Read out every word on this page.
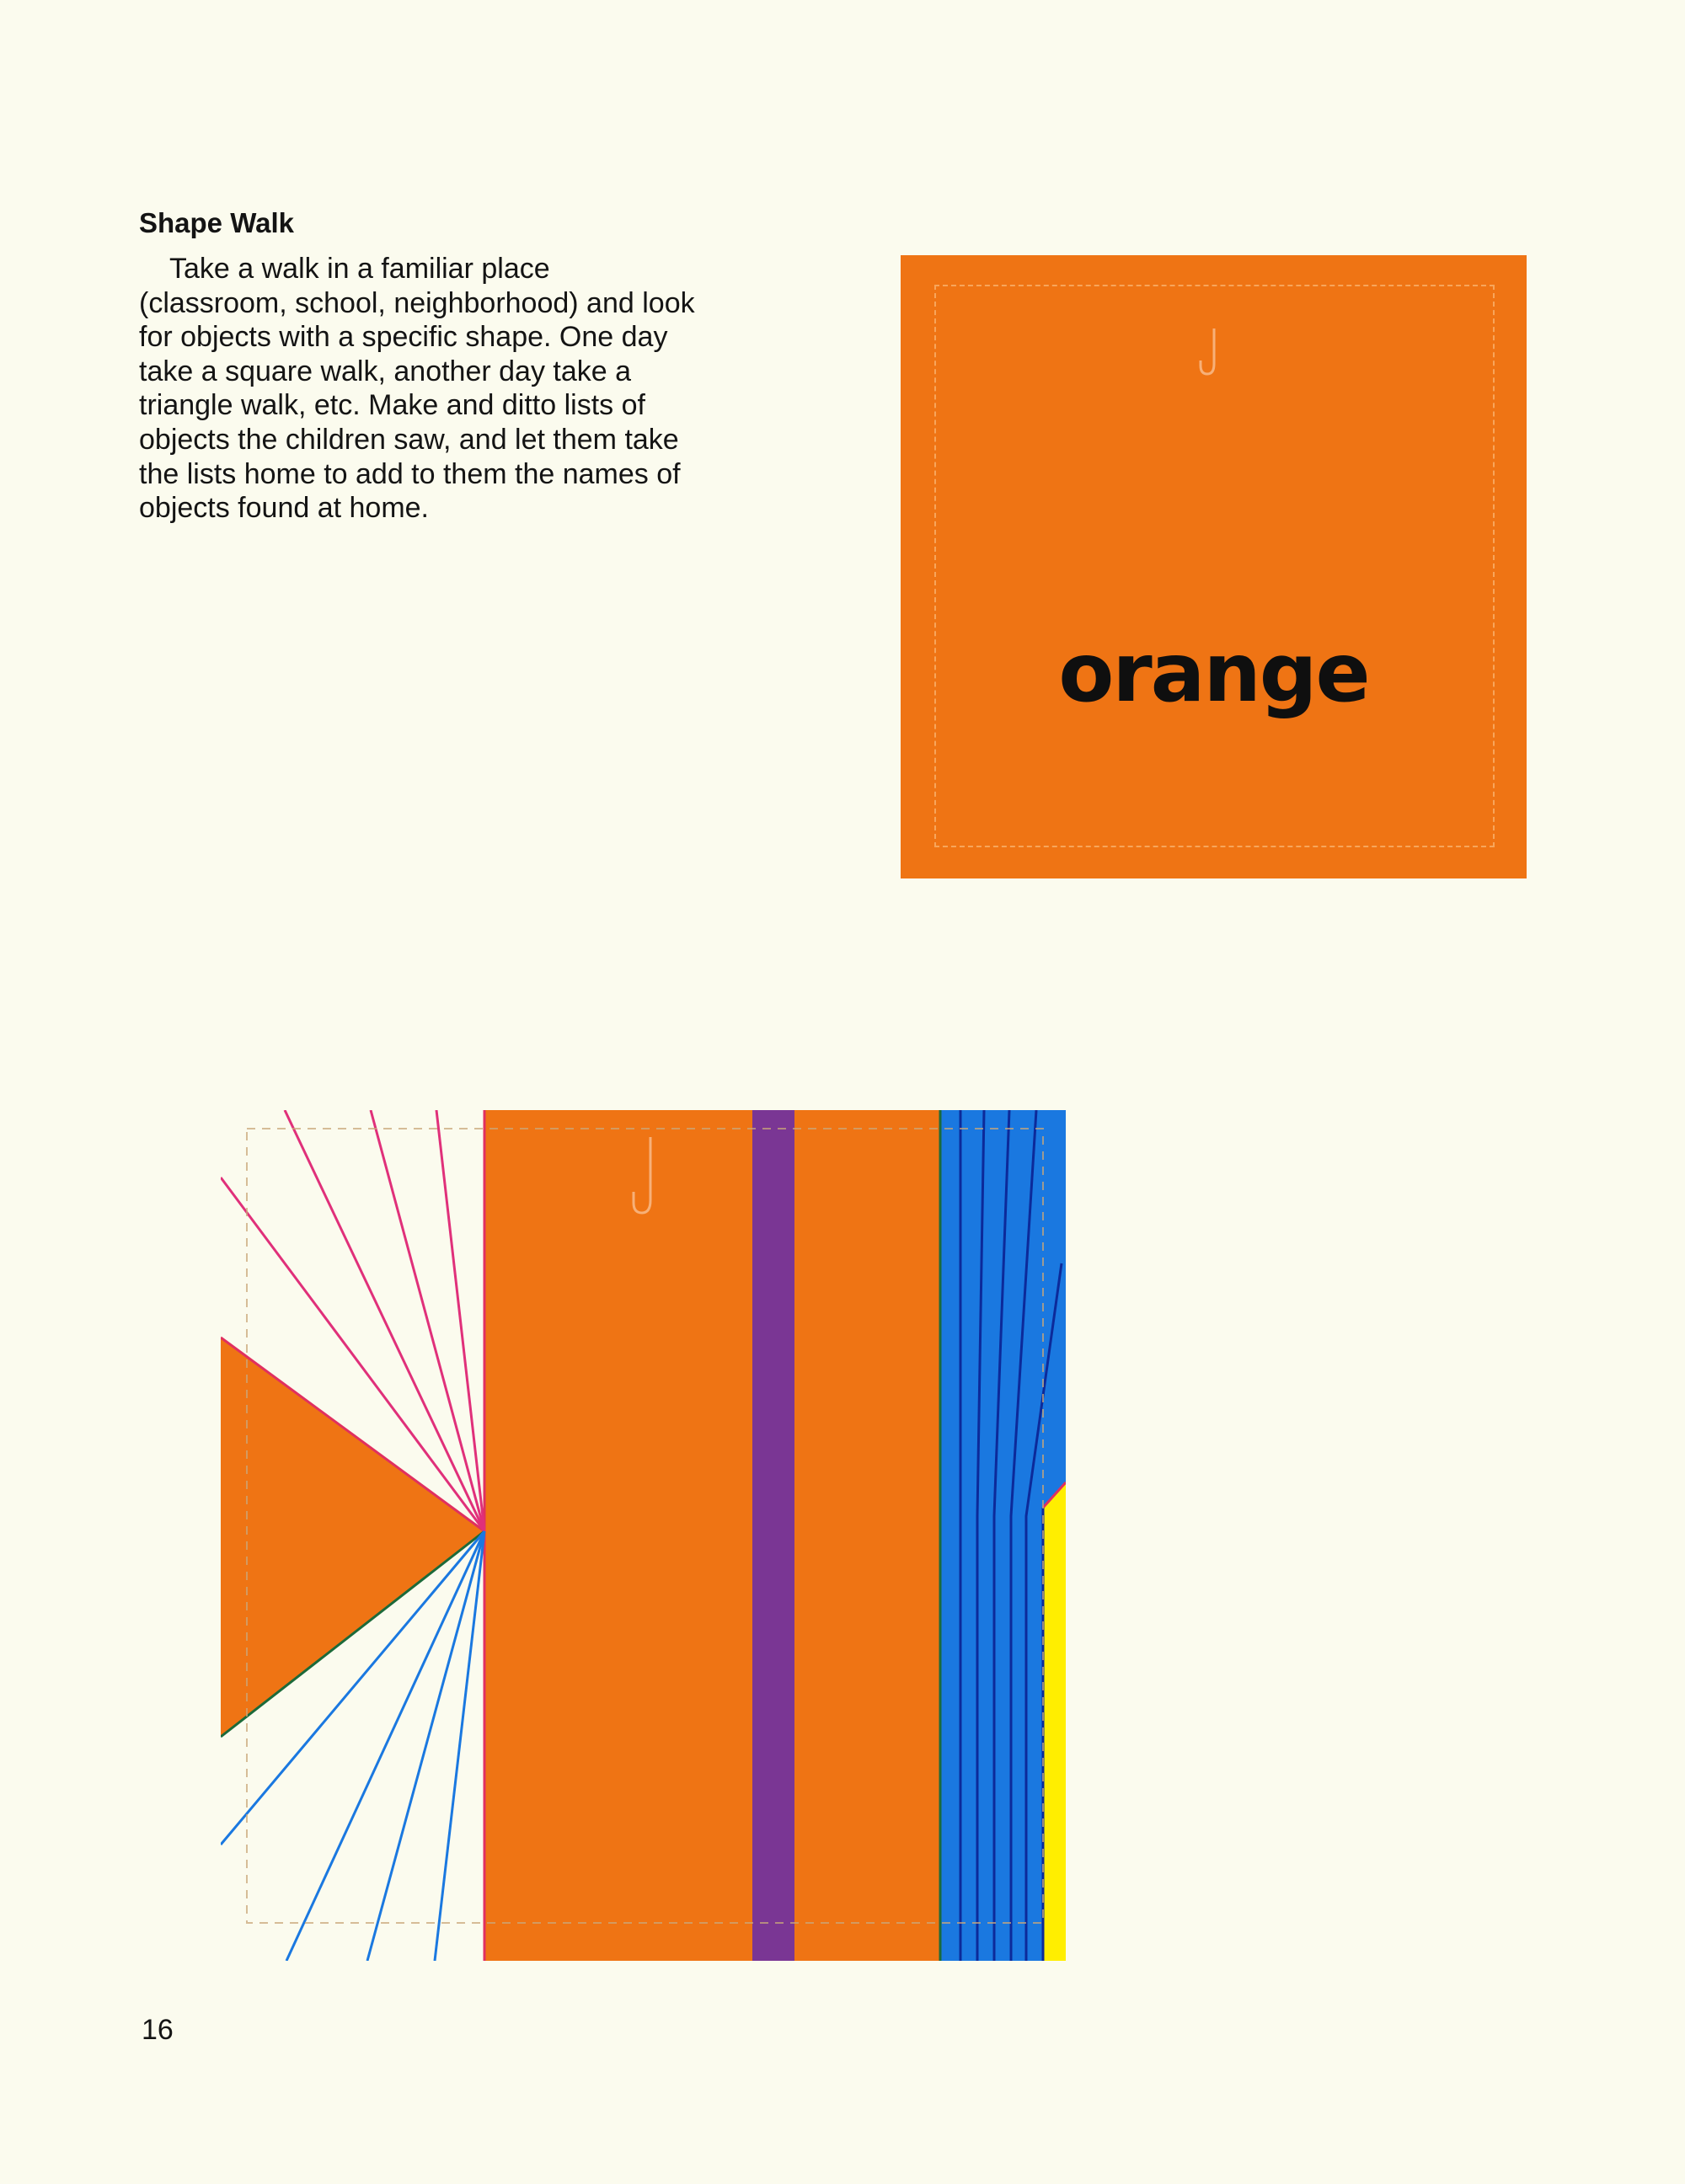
Shape Walk

Take a walk in a familiar place
(classroom, school, neighborhood) and look
for objects with a specific shape. One day
take a square walk, another day take a
triangle walk, etc. Make and ditto lists of
objects the children saw, and let them take
the lists home to add to them the names of
objects found at home.

orange
16
